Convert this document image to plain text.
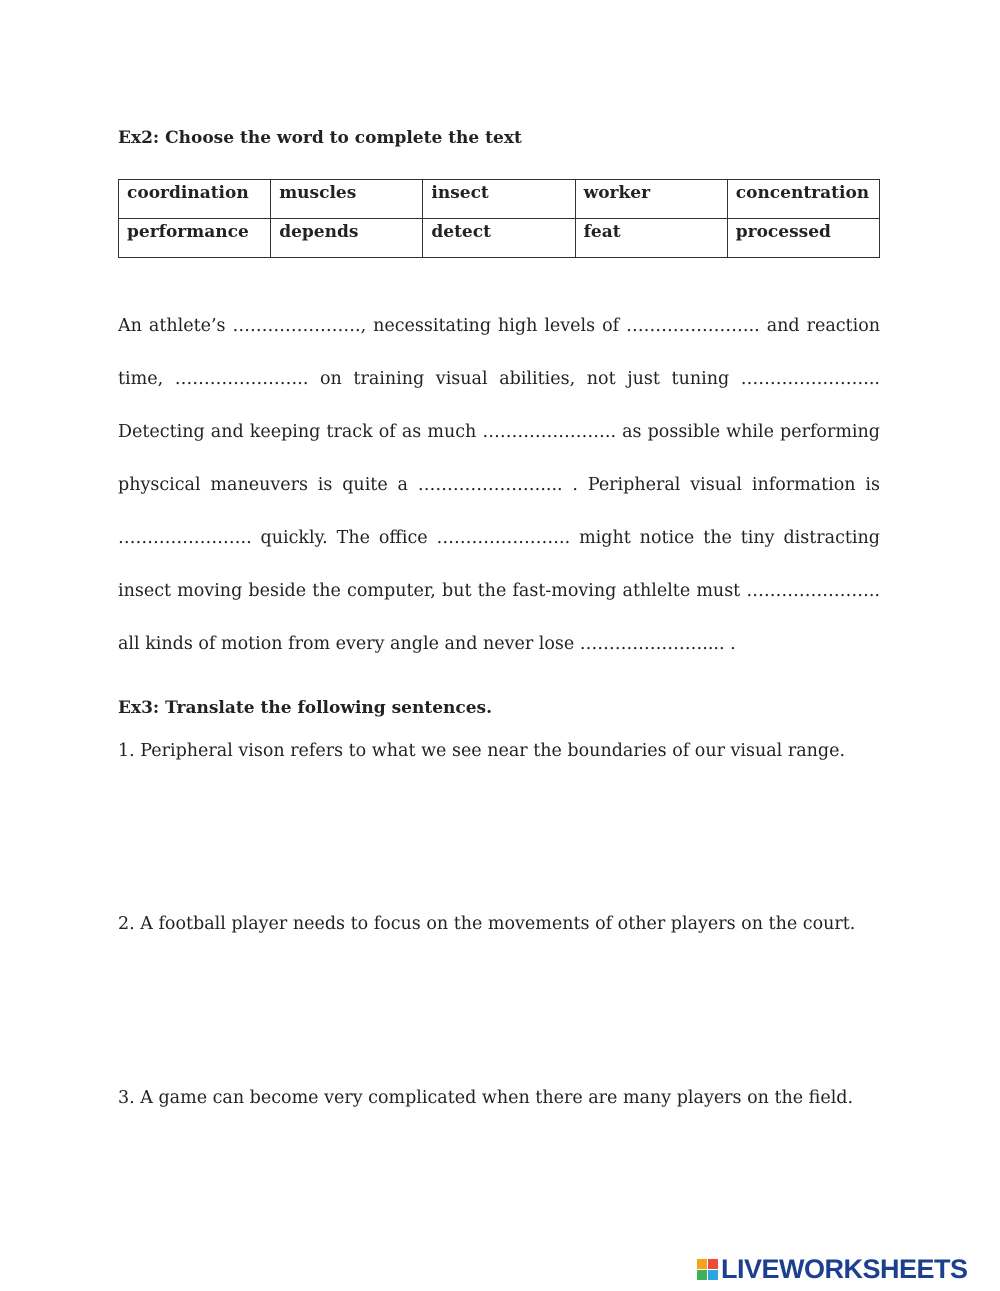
Ex2: Choose the word to complete the text
coordination	muscles	insect	worker	concentration
performance	depends	detect	feat	processed
An athlete’s …………………., necessitating high levels of ………………….. and reaction
time, ………………….. on training visual abilities, not just tuning …………………...
Detecting and keeping track of as much ………………….. as possible while performing
physcical maneuvers is quite a ………………….... . Peripheral visual information is
………………….. quickly. The office ………………….. might notice the tiny distracting
insect moving beside the computer, but the fast-moving athlelte must …………………..
all kinds of motion from every angle and never lose ………………….... .
Ex3: Translate the following sentences.
1. Peripheral vison refers to what we see near the boundaries of our visual range.
2. A football player needs to focus on the movements of other players on the court.
3. A game can become very complicated when there are many players on the field.
LIVEWORKSHEETS
